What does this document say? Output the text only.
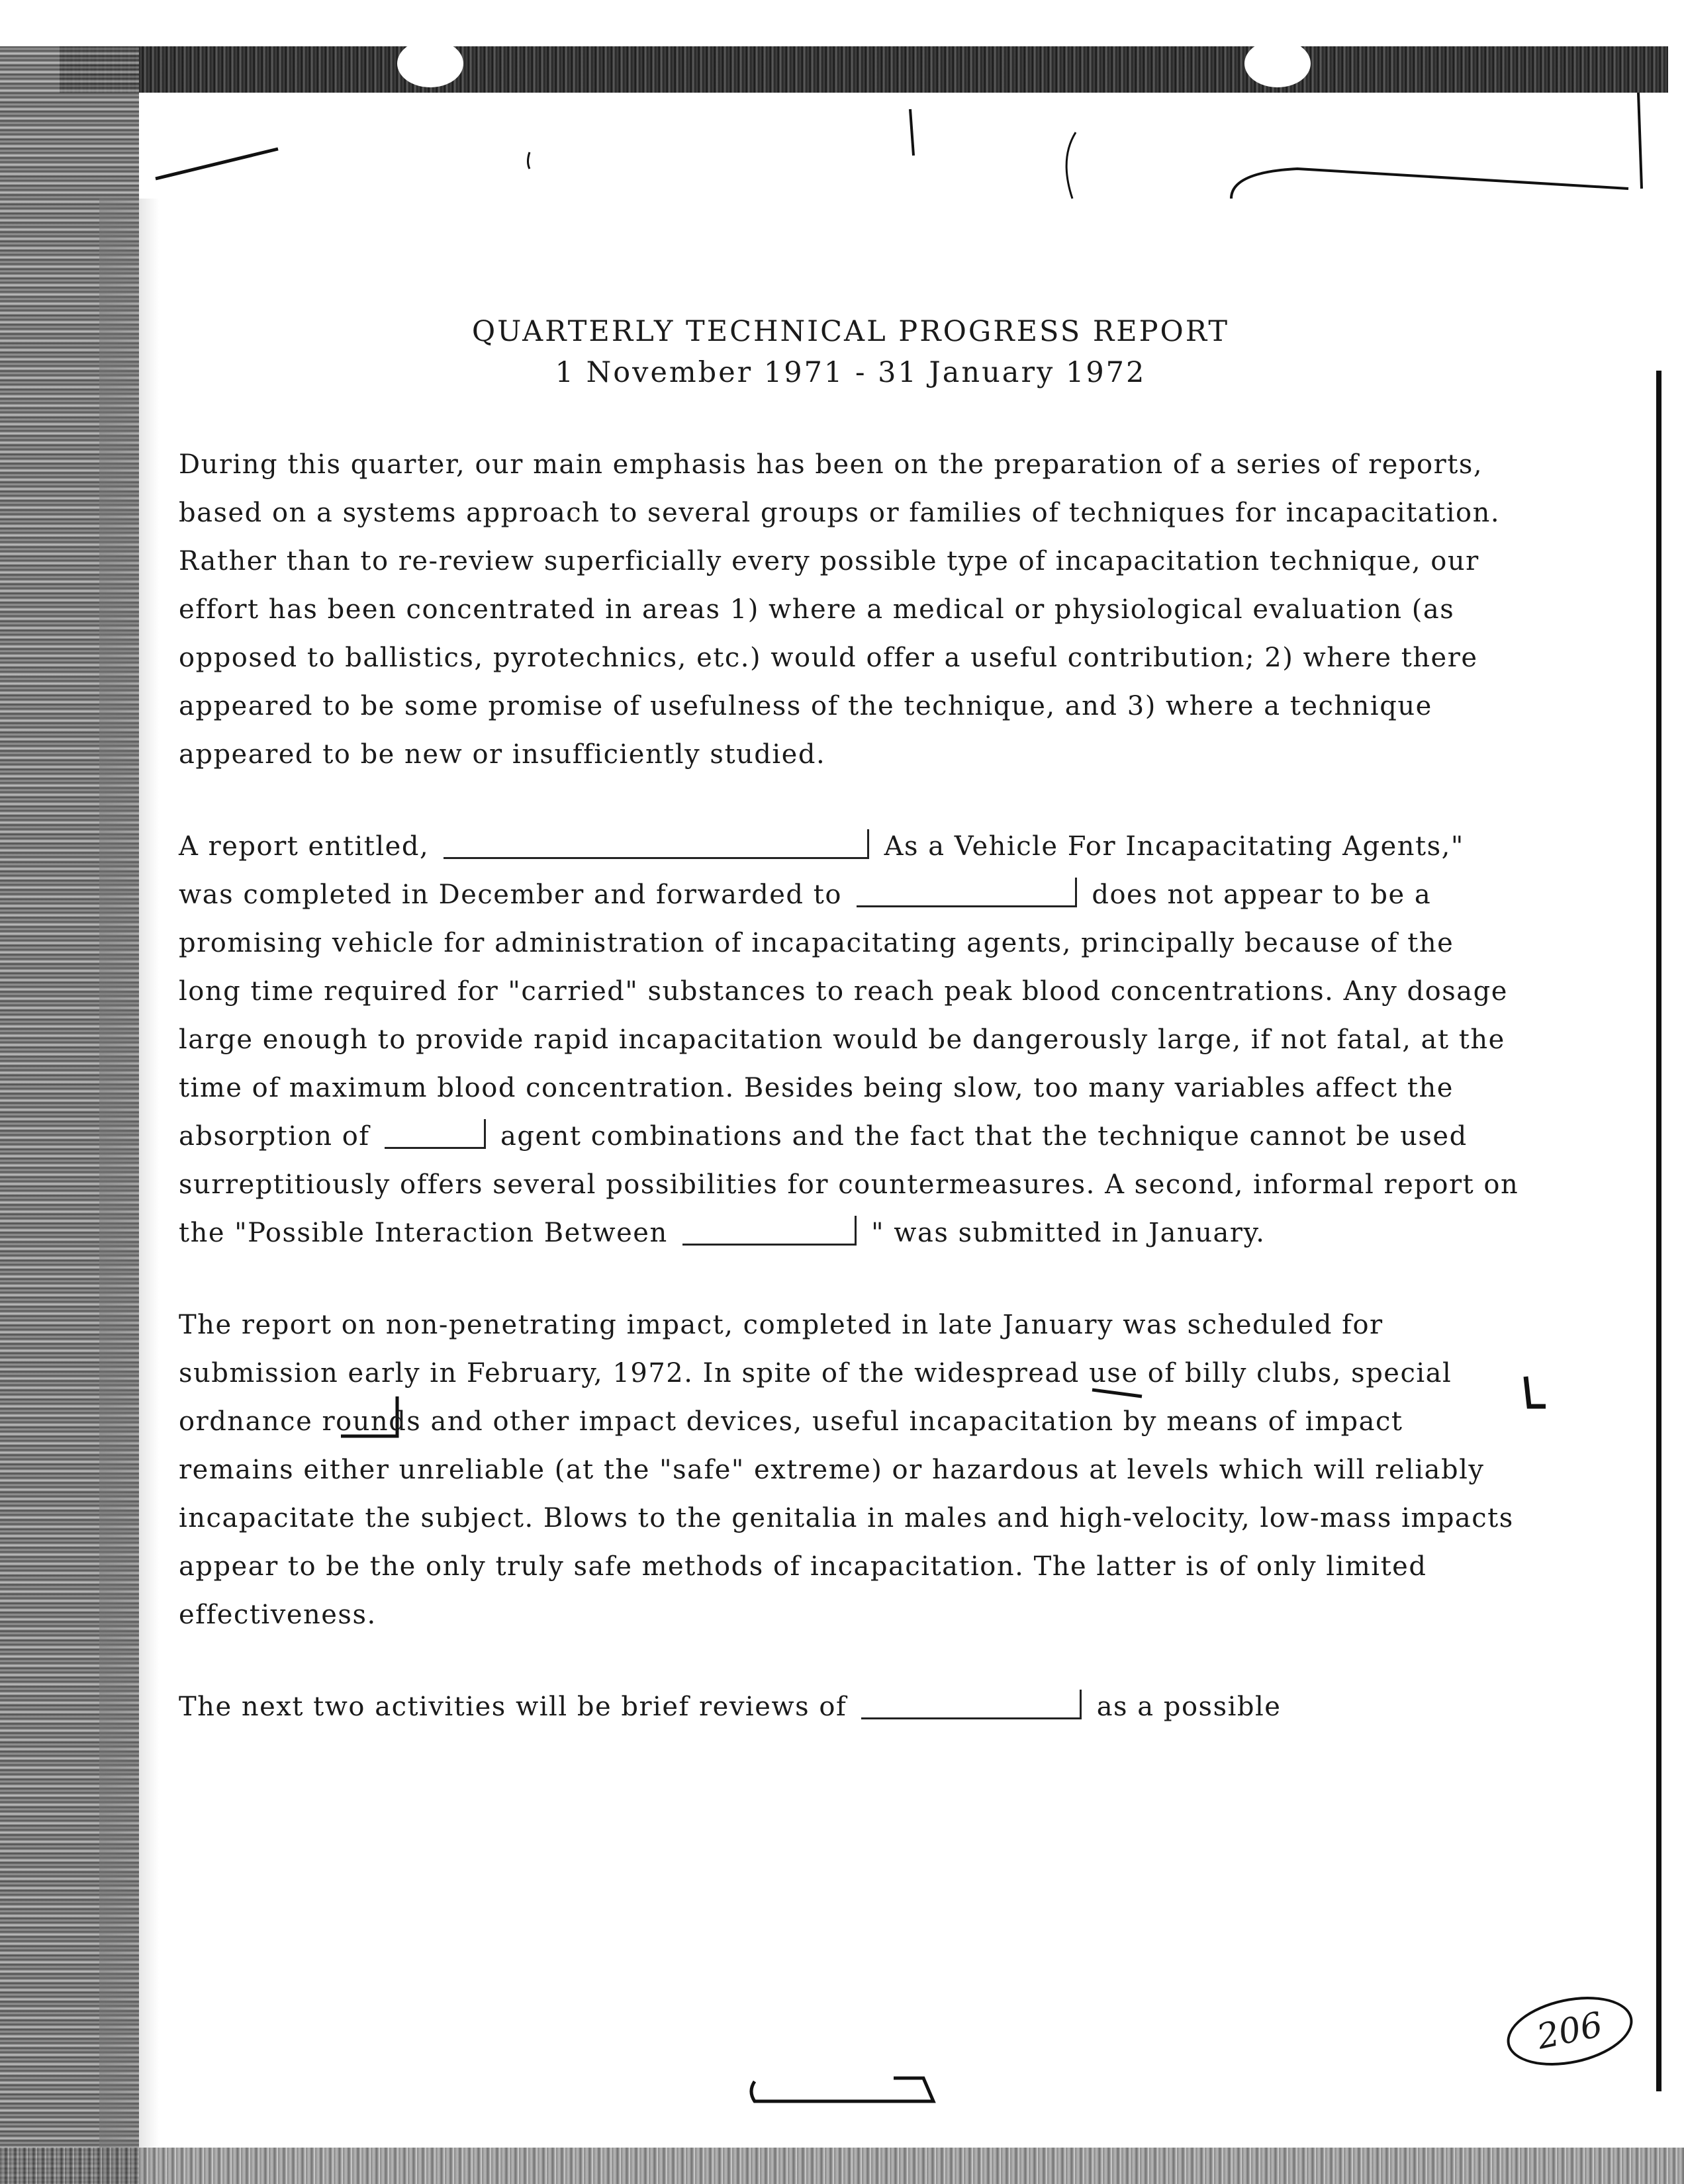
QUARTERLY TECHNICAL PROGRESS REPORT
1 November 1971 - 31 January 1972

During this quarter, our main emphasis has been on the preparation of a series of reports, based on a systems approach to several groups or families of techniques for incapacitation. Rather than to re-review superficially every possible type of incapacitation technique, our effort has been concentrated in areas 1) where a medical or physiological evaluation (as opposed to ballistics, pyrotechnics, etc.) would offer a useful contribution; 2) where there appeared to be some promise of usefulness of the technique, and 3) where a technique appeared to be new or insufficiently studied.

A report entitled,	As a Vehicle For Incapacitating Agents," was completed in December and forwarded to	does not appear to be a promising vehicle for administration of incapacitating agents, principally because of the long time required for "carried" substances to reach peak blood concentrations. Any dosage large enough to provide rapid incapacitation would be dangerously large, if not fatal, at the time of maximum blood concentration. Besides being slow, too many variables affect the absorption of	agent combinations and the fact that the technique cannot be used surreptitiously offers several possibilities for countermeasures. A second, informal report on the "Possible Interaction Between	" was submitted in January.

The report on non-penetrating impact, completed in late January was scheduled for submission early in February, 1972. In spite of the widespread use of billy clubs, special ordnance rounds and other impact devices, useful incapacitation by means of impact remains either unreliable (at the "safe" extreme) or hazardous at levels which will reliably incapacitate the subject. Blows to the genitalia in males and high-velocity, low-mass impacts appear to be the only truly safe methods of incapacitation. The latter is of only limited effectiveness.

The next two activities will be brief reviews of	as a possible

206
